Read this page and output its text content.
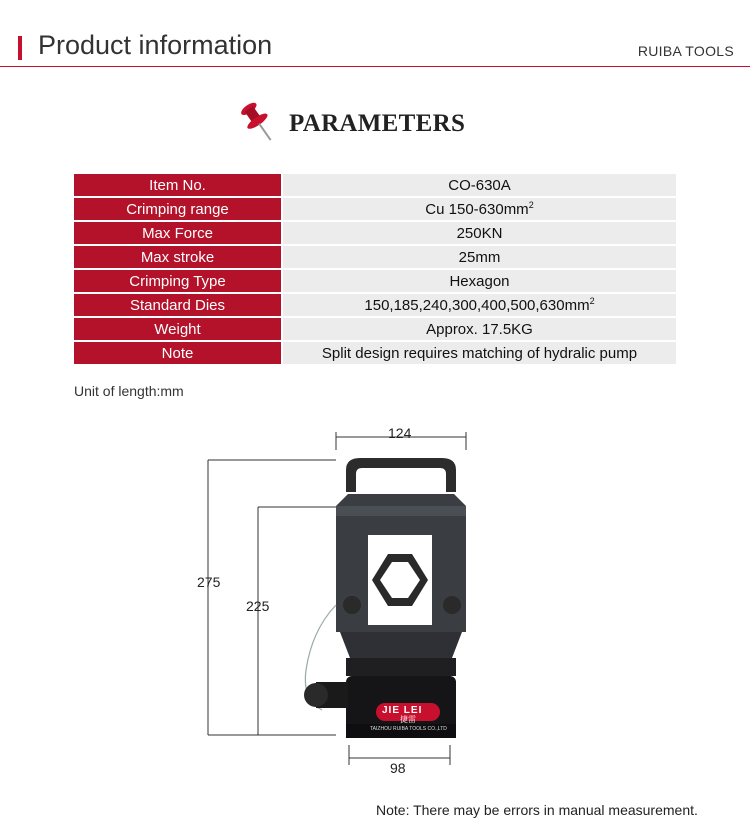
Product information	RUIBA TOOLS
PARAMETERS
Item No.	CO-630A
Crimping range	Cu $150-630mm^2$
Max Force	250KN
Max stroke	25mm
Crimping Type	Hexagon
Standard Dies	$150,185,240,300,400,500,630mm^2$
Weight	Approx. 17.5KG
Note	Split design requires matching of hydralic pump
Unit of length:mm
124
275
225
98
JIE LEI
捷雷
TAIZHOU RUIBA TOOLS CO.,LTD
Note: There may be errors in manual measurement.
